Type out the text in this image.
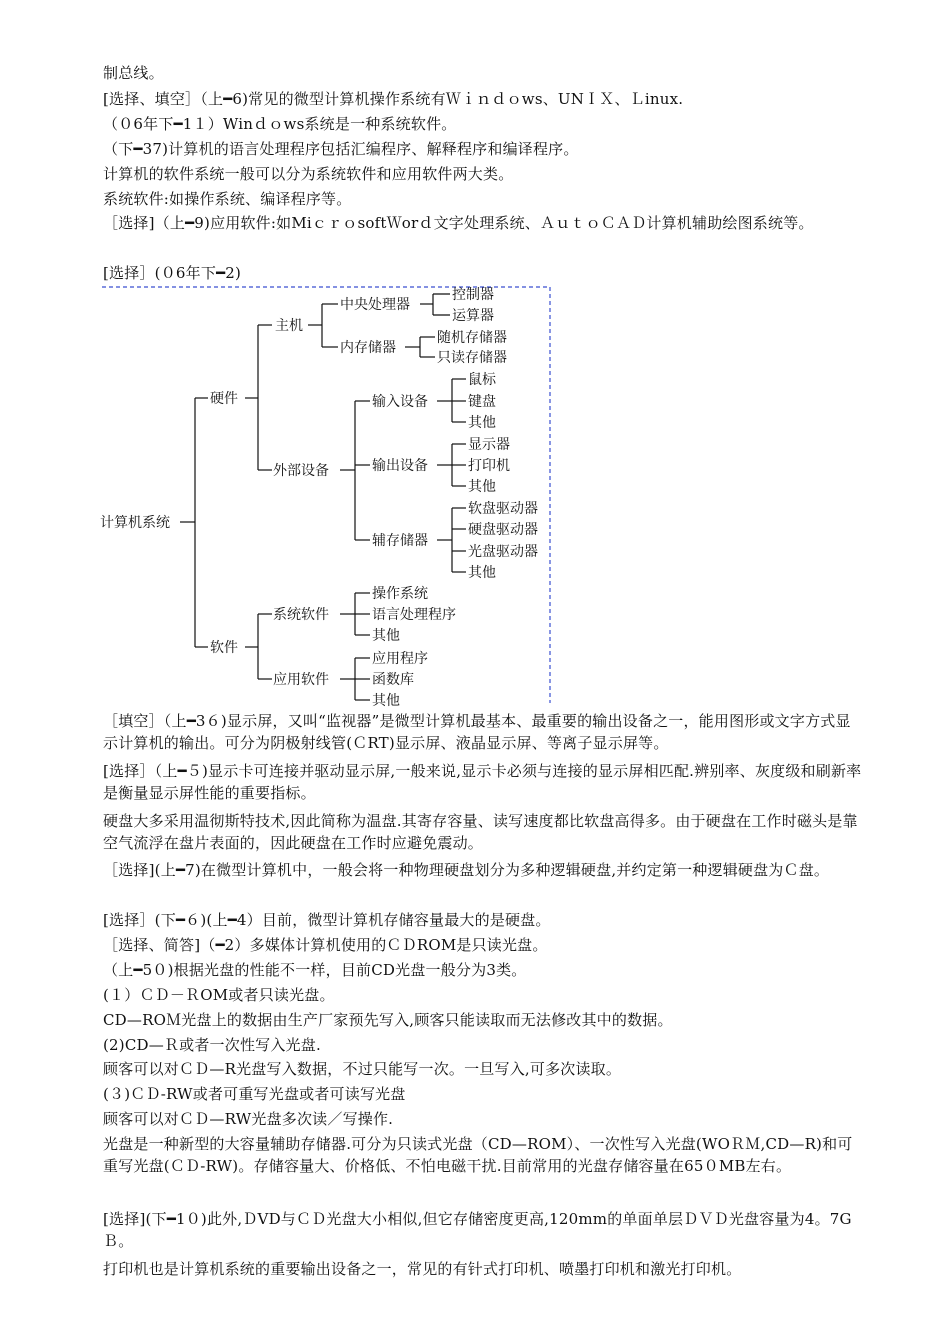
制总线。
[选择、填空］（上━6)常见的微型计算机操作系统有Ｗｉｎｄｏws、UNＩＸ、Ｌinux.
（０6年下━1１）Winｄｏws系统是一种系统软件。
（下━37)计算机的语言处理程序包括汇编程序、解释程序和编译程序。
计算机的软件系统一般可以分为系统软件和应用软件两大类。
系统软件:如操作系统、编译程序等。
［选择]（上━9)应用软件:如MiｃｒｏsoftＷorｄ文字处理系统、ＡｕｔｏＣＡＤ计算机辅助绘图系统等。
[选择］(０6年下━2)
计算机系统
硬件
主机
中央处理器
控制器
运算器
内存储器
随机存储器
只读存储器
外部设备
输入设备
鼠标
键盘
其他
输出设备
显示器
打印机
其他
辅存储器
软盘驱动器
硬盘驱动器
光盘驱动器
其他
软件
系统软件
操作系统
语言处理程序
其他
应用软件
应用程序
函数库
其他
［填空］（上━3６)显示屏，又叫“监视器”是微型计算机最基本、最重要的输出设备之一，能用图形或文字方式显示计算机的输出。可分为阴极射线管(ＣRT)显示屏、液晶显示屏、等离子显示屏等。
[选择］（上━５)显示卡可连接并驱动显示屏,一般来说,显示卡必须与连接的显示屏相匹配.辨别率、灰度级和刷新率是衡量显示屏性能的重要指标。
硬盘大多采用温彻斯特技术,因此简称为温盘.其寄存容量、读写速度都比软盘高得多。由于硬盘在工作时磁头是靠空气流浮在盘片表面的，因此硬盘在工作时应避免震动。
［选择](上━7)在微型计算机中，一般会将一种物理硬盘划分为多种逻辑硬盘,并约定第一种逻辑硬盘为Ｃ盘。
[选择］(下━６)(上━4）目前，微型计算机存储容量最大的是硬盘。
［选择、简答]（━2）多媒体计算机使用的ＣＤROM是只读光盘。
（上━5０)根据光盘的性能不一样，目前CD光盘一般分为3类。
(１）ＣＤ－ＲOM或者只读光盘。
CD—ROＭ光盘上的数据由生产厂家预先写入,顾客只能读取而无法修改其中的数据。
(2)CD—Ｒ或者一次性写入光盘.
顾客可以对ＣＤ—R光盘写入数据，不过只能写一次。一旦写入,可多次读取。
(３)ＣＤ-RW或者可重写光盘或者可读写光盘
顾客可以对ＣＤ—RW光盘多次读／写操作.
光盘是一种新型的大容量辅助存储器.可分为只读式光盘（CD—ROM）、一次性写入光盘(WOＲＭ,CD—R)和可重写光盘(ＣＤ-RW)。存储容量大、价格低、不怕电磁干扰.目前常用的光盘存储容量在65０MB左右。
[选择](下━1０)此外,ＤVD与ＣＤ光盘大小相似,但它存储密度更高,120mm的单面单层ＤＶＤ光盘容量为4。7GＢ。
打印机也是计算机系统的重要输出设备之一，常见的有针式打印机、喷墨打印机和激光打印机。
